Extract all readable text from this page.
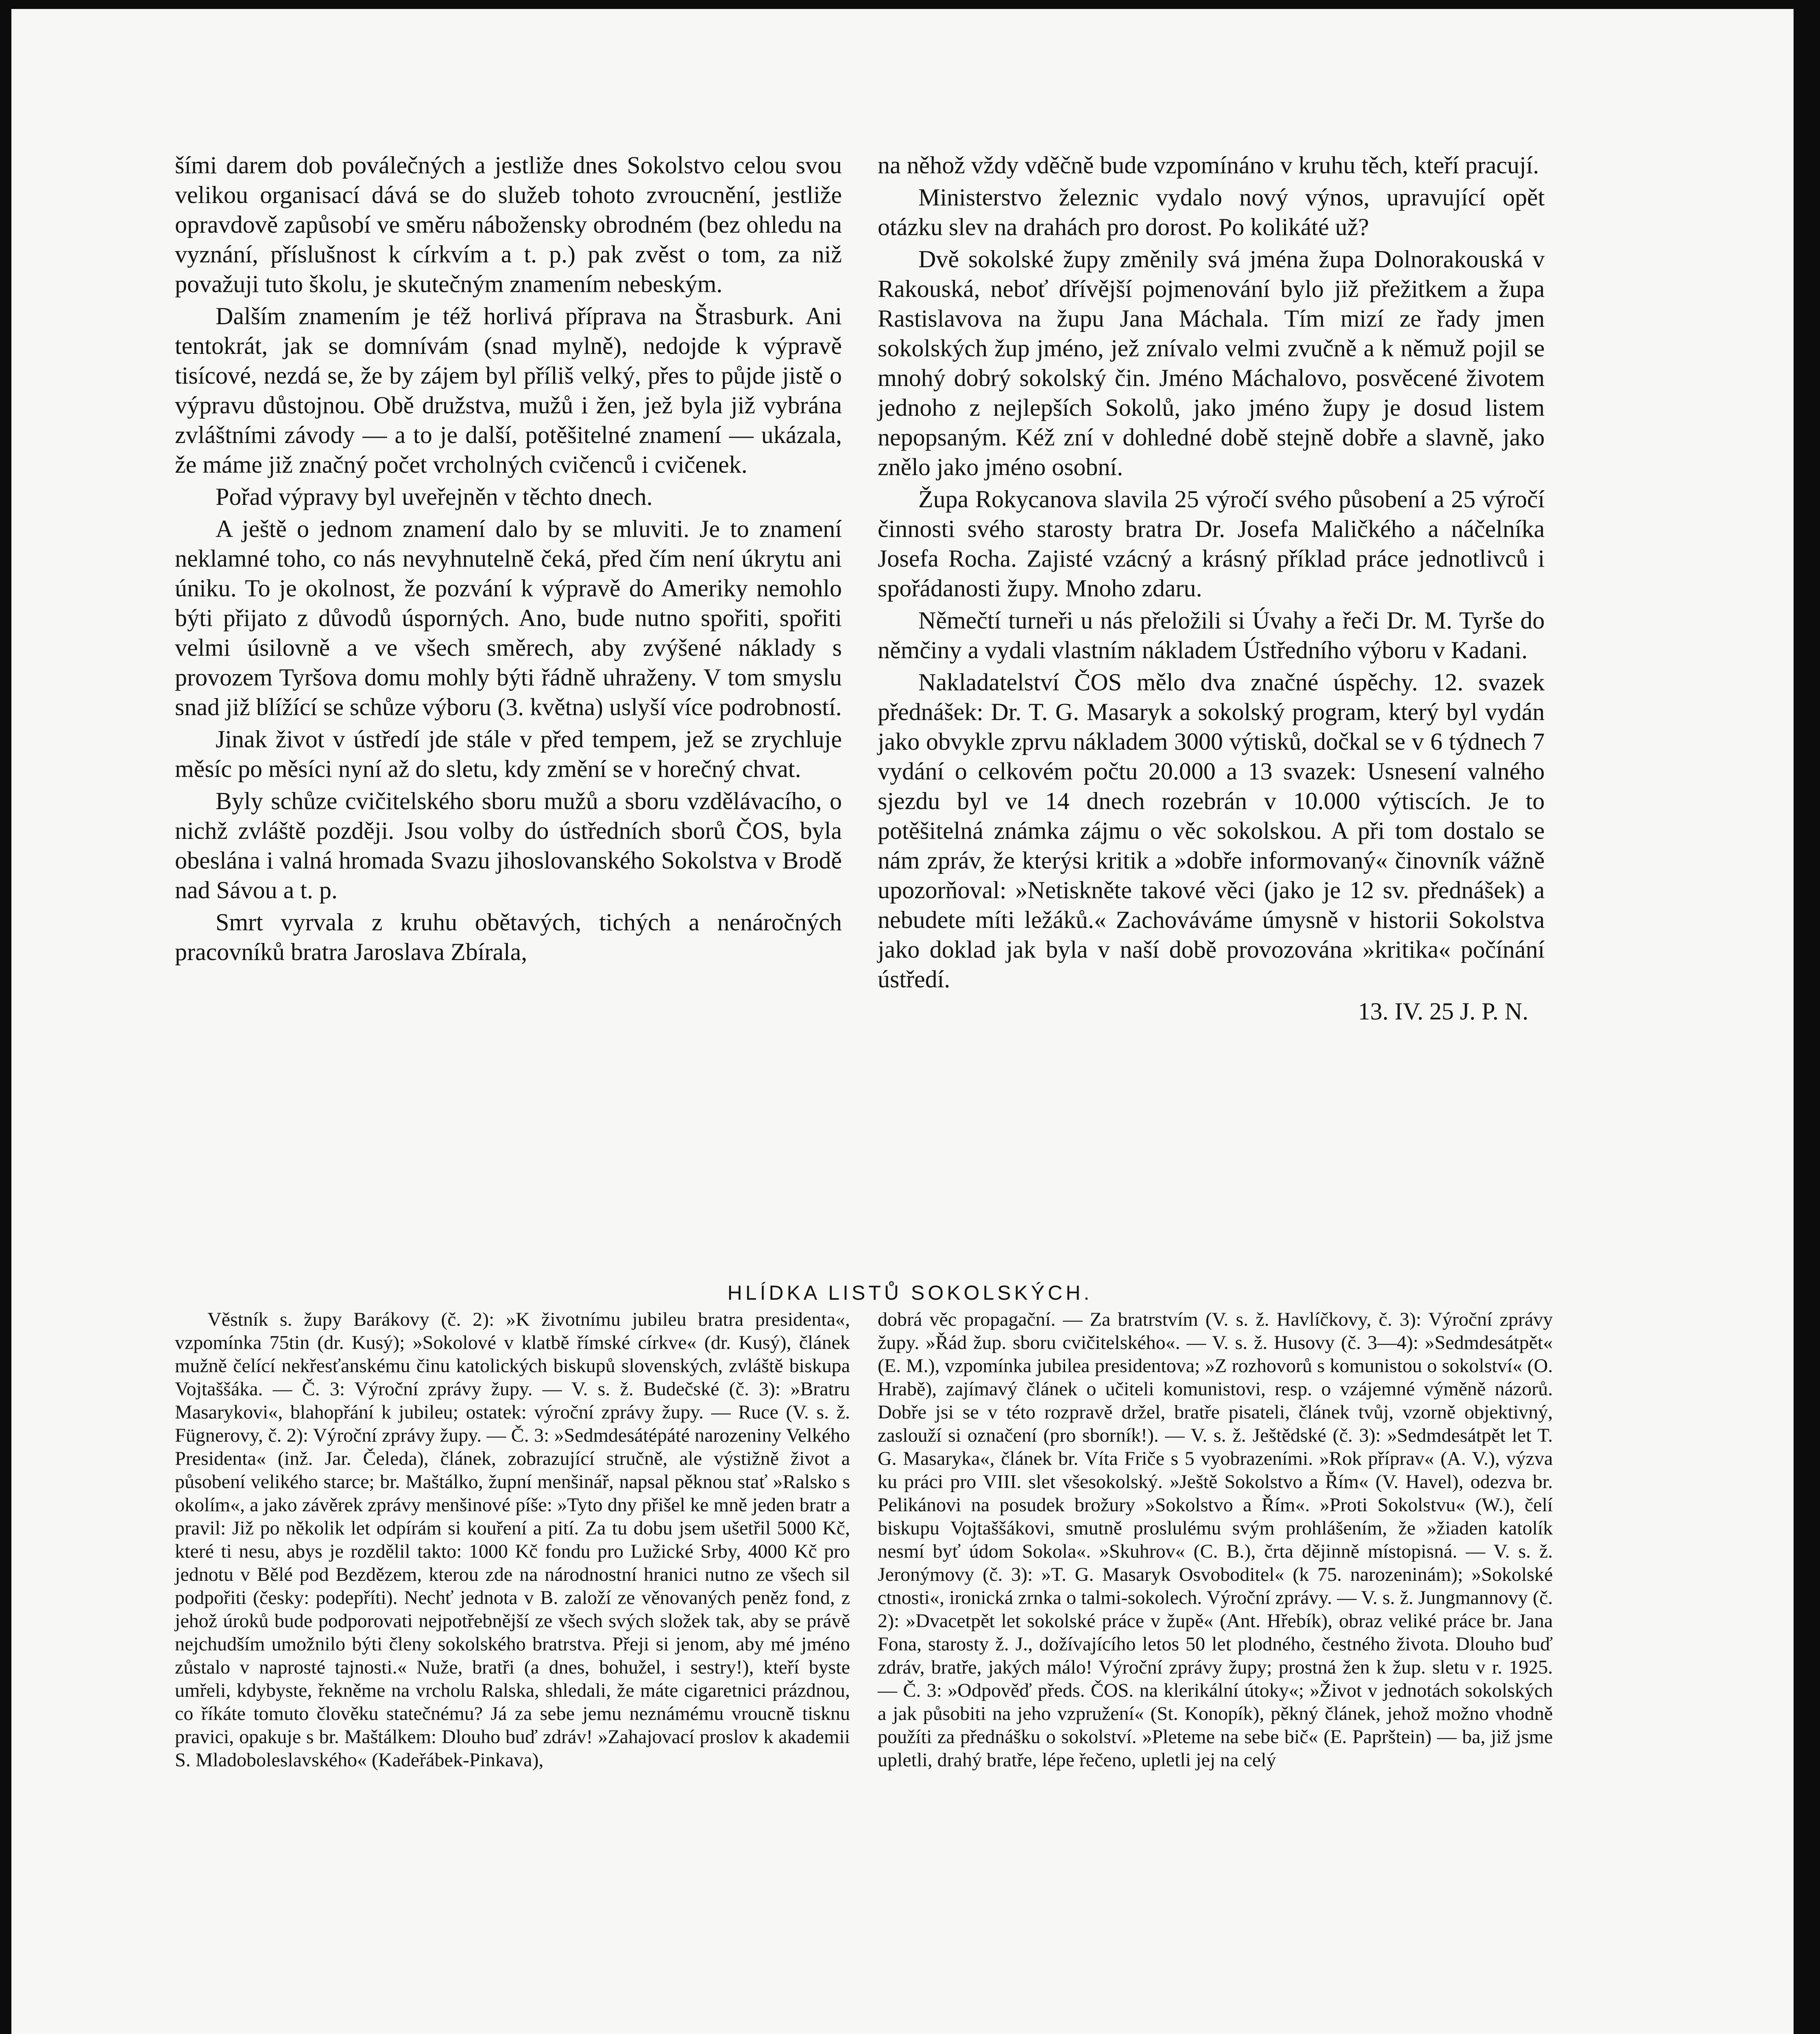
šími darem dob poválečných a jestliže dnes Sokolstvo celou svou velikou organisací dává se do služeb tohoto zvroucnění, jestliže opravdově zapůsobí ve směru nábožensky obrodném (bez ohledu na vyznání, příslušnost k církvím a t. p.) pak zvěst o tom, za niž považuji tuto školu, je skutečným znamením nebeským.

Dalším znamením je též horlivá příprava na Štrasburk. Ani tentokrát, jak se domnívám (snad mylně), nedojde k výpravě tisícové, nezdá se, že by zájem byl příliš velký, přes to půjde jistě o výpravu důstojnou. Obě družstva, mužů i žen, jež byla již vybrána zvláštními závody — a to je další, potěšitelné znamení — ukázala, že máme již značný počet vrcholných cvičenců i cvičenek.

Pořad výpravy byl uveřejněn v těchto dnech.

A ještě o jednom znamení dalo by se mluviti. Je to znamení neklamné toho, co nás nevyhnutelně čeká, před čím není úkrytu ani úniku. To je okolnost, že pozvání k výpravě do Ameriky nemohlo býti přijato z důvodů úsporných. Ano, bude nutno spořiti, spořiti velmi úsilovně a ve všech směrech, aby zvýšené náklady s provozem Tyršova domu mohly býti řádně uhraženy. V tom smyslu snad již blížící se schůze výboru (3. května) uslyší více podrobností.

Jinak život v ústředí jde stále v před tempem, jež se zrychluje měsíc po měsíci nyní až do sletu, kdy změní se v horečný chvat.

Byly schůze cvičitelského sboru mužů a sboru vzdělávacího, o nichž zvláště později. Jsou volby do ústředních sborů ČOS, byla obeslána i valná hromada Svazu jihoslovanského Sokolstva v Brodě nad Sávou a t. p.

Smrt vyrvala z kruhu obětavých, tichých a nenáročných pracovníků bratra Jaroslava Zbírala,

na něhož vždy vděčně bude vzpomínáno v kruhu těch, kteří pracují.

Ministerstvo železnic vydalo nový výnos, upravující opět otázku slev na drahách pro dorost. Po kolikáté už?

Dvě sokolské župy změnily svá jména župa Dolnorakouská v Rakouská, neboť dřívější pojmenování bylo již přežitkem a župa Rastislavova na župu Jana Máchala. Tím mizí ze řady jmen sokolských žup jméno, jež znívalo velmi zvučně a k němuž pojil se mnohý dobrý sokolský čin. Jméno Máchalovo, posvěcené životem jednoho z nejlepších Sokolů, jako jméno župy je dosud listem nepopsaným. Kéž zní v dohledné době stejně dobře a slavně, jako znělo jako jméno osobní.

Župa Rokycanova slavila 25 výročí svého působení a 25 výročí činnosti svého starosty bratra Dr. Josefa Maličkého a náčelníka Josefa Rocha. Zajisté vzácný a krásný příklad práce jednotlivců i spořádanosti župy. Mnoho zdaru.

Němečtí turneři u nás přeložili si Úvahy a řeči Dr. M. Tyrše do němčiny a vydali vlastním nákladem Ústředního výboru v Kadani.

Nakladatelství ČOS mělo dva značné úspěchy. 12. svazek přednášek: Dr. T. G. Masaryk a sokolský program, který byl vydán jako obvykle zprvu nákladem 3000 výtisků, dočkal se v 6 týdnech 7 vydání o celkovém počtu 20.000 a 13 svazek: Usnesení valného sjezdu byl ve 14 dnech rozebrán v 10.000 výtiscích. Je to potěšitelná známka zájmu o věc sokolskou. A při tom dostalo se nám zpráv, že kterýsi kritik a »dobře informovaný« činovník vážně upozorňoval: »Netiskněte takové věci (jako je 12 sv. přednášek) a nebudete míti ležáků.« Zachováváme úmysně v historii Sokolstva jako doklad jak byla v naší době provozována »kritika« počínání ústředí.

13. IV. 25 J. P. N.
HLÍDKA LISTŮ SOKOLSKÝCH.

Věstník s. župy Barákovy (č. 2): »K životnímu jubileu bratra presidenta«, vzpomínka 75tin (dr. Kusý); »Sokolové v klatbě římské církve« (dr. Kusý), článek mužně čelící nekřesťanskému činu katolických biskupů slovenských, zvláště biskupa Vojtaššáka. — Č. 3: Výroční zprávy župy. — V. s. ž. Budečské (č. 3): »Bratru Masarykovi«, blahopřání k jubileu; ostatek: výroční zprávy župy. — Ruce (V. s. ž. Fügnerovy, č. 2): Výroční zprávy župy. — Č. 3: »Sedmdesátépáté narozeniny Velkého Presidenta« (inž. Jar. Čeleda), článek, zobrazující stručně, ale výstižně život a působení velikého starce; br. Maštálko, župní menšinář, napsal pěknou stať »Ralsko s okolím«, a jako závěrek zprávy menšinové píše: »Tyto dny přišel ke mně jeden bratr a pravil: Již po několik let odpírám si kouření a pití. Za tu dobu jsem ušetřil 5000 Kč, které ti nesu, abys je rozdělil takto: 1000 Kč fondu pro Lužické Srby, 4000 Kč pro jednotu v Bělé pod Bezdězem, kterou zde na národnostní hranici nutno ze všech sil podpořiti (česky: podepříti). Nechť jednota v B. založí ze věnovaných peněz fond, z jehož úroků bude podporovati nejpotřebnější ze všech svých složek tak, aby se právě nejchudším umožnilo býti členy sokolského bratrstva. Přeji si jenom, aby mé jméno zůstalo v naprosté tajnosti.« Nuže, bratři (a dnes, bohužel, i sestry!), kteří byste umřeli, kdybyste, řekněme na vrcholu Ralska, shledali, že máte cigaretnici prázdnou, co říkáte tomuto člověku statečnému? Já za sebe jemu neznámému vroucně tisknu pravici, opakuje s br. Maštálkem: Dlouho buď zdráv! »Zahajovací proslov k akademii S. Mladoboleslavského« (Kadeřábek-Pinkava),

dobrá věc propagační. — Za bratrstvím (V. s. ž. Havlíčkovy, č. 3): Výroční zprávy župy. »Řád žup. sboru cvičitelského«. — V. s. ž. Husovy (č. 3—4): »Sedmdesátpět« (E. M.), vzpomínka jubilea presidentova; »Z rozhovorů s komunistou o sokolství« (O. Hrabě), zajímavý článek o učiteli komunistovi, resp. o vzájemné výměně názorů. Dobře jsi se v této rozpravě držel, bratře pisateli, článek tvůj, vzorně objektivný, zaslouží si označení (pro sborník!). — V. s. ž. Ještědské (č. 3): »Sedmdesátpět let T. G. Masaryka«, článek br. Víta Friče s 5 vyobrazeními. »Rok příprav« (A. V.), výzva ku práci pro VIII. slet všesokolský. »Ještě Sokolstvo a Řím« (V. Havel), odezva br. Pelikánovi na posudek brožury »Sokolstvo a Řím«. »Proti Sokolstvu« (W.), čelí biskupu Vojtaššákovi, smutně proslulému svým prohlášením, že »žiaden katolík nesmí byť údom Sokola«. »Skuhrov« (C. B.), črta dějinně místopisná. — V. s. ž. Jeronýmovy (č. 3): »T. G. Masaryk Osvoboditel« (k 75. narozeninám); »Sokolské ctnosti«, ironická zrnka o talmi-sokolech. Výroční zprávy. — V. s. ž. Jungmannovy (č. 2): »Dvacetpět let sokolské práce v župě« (Ant. Hřebík), obraz veliké práce br. Jana Fona, starosty ž. J., dožívajícího letos 50 let plodného, čestného života. Dlouho buď zdráv, bratře, jakých málo! Výroční zprávy župy; prostná žen k žup. sletu v r. 1925. — Č. 3: »Odpověď předs. ČOS. na klerikální útoky«; »Život v jednotách sokolských a jak působiti na jeho vzpružení« (St. Konopík), pěkný článek, jehož možno vhodně použíti za přednášku o sokolství. »Pleteme na sebe bič« (E. Paprštein) — ba, již jsme upletli, drahý bratře, lépe řečeno, upletli jej na celý
